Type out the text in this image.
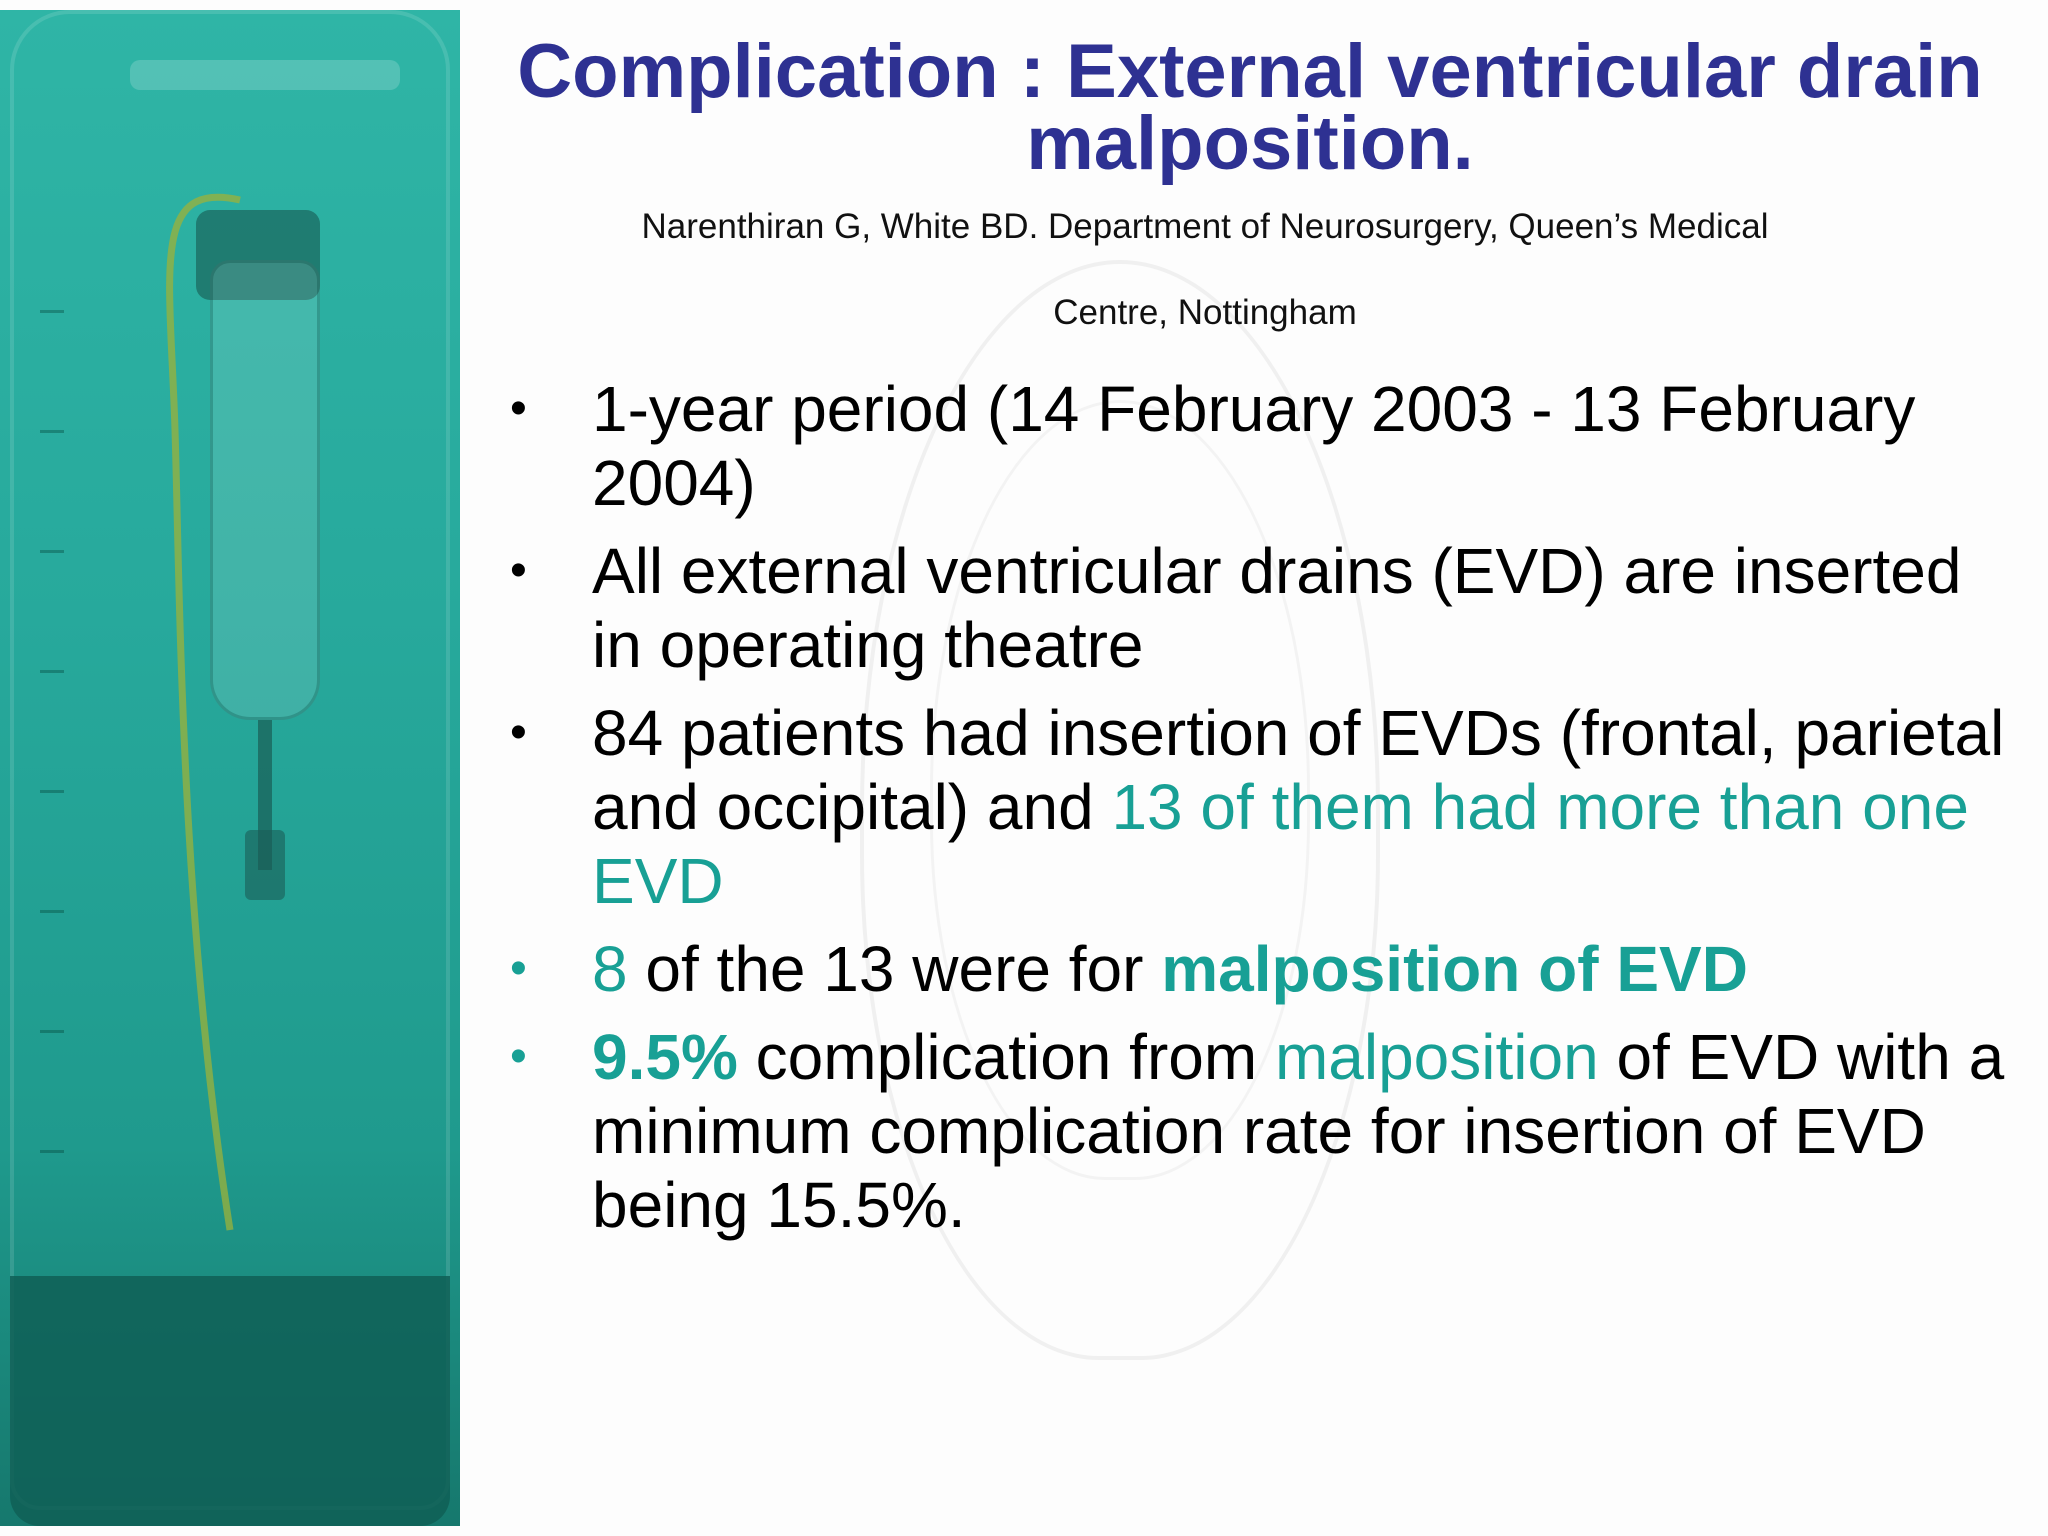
Complication : External ventricular drain malposition.
Narenthiran G, White BD. Department of Neurosurgery, Queen’s Medical
Centre, Nottingham
• 1-year period (14 February 2003 - 13 February 2004)
• All external ventricular drains (EVD) are inserted in operating theatre
• 84 patients had insertion of EVDs (frontal, parietal and occipital) and 13 of them had more than one EVD
• 8 of the 13 were for malposition of EVD
• 9.5% complication from malposition of EVD with a minimum complication rate for insertion of EVD being 15.5%.
